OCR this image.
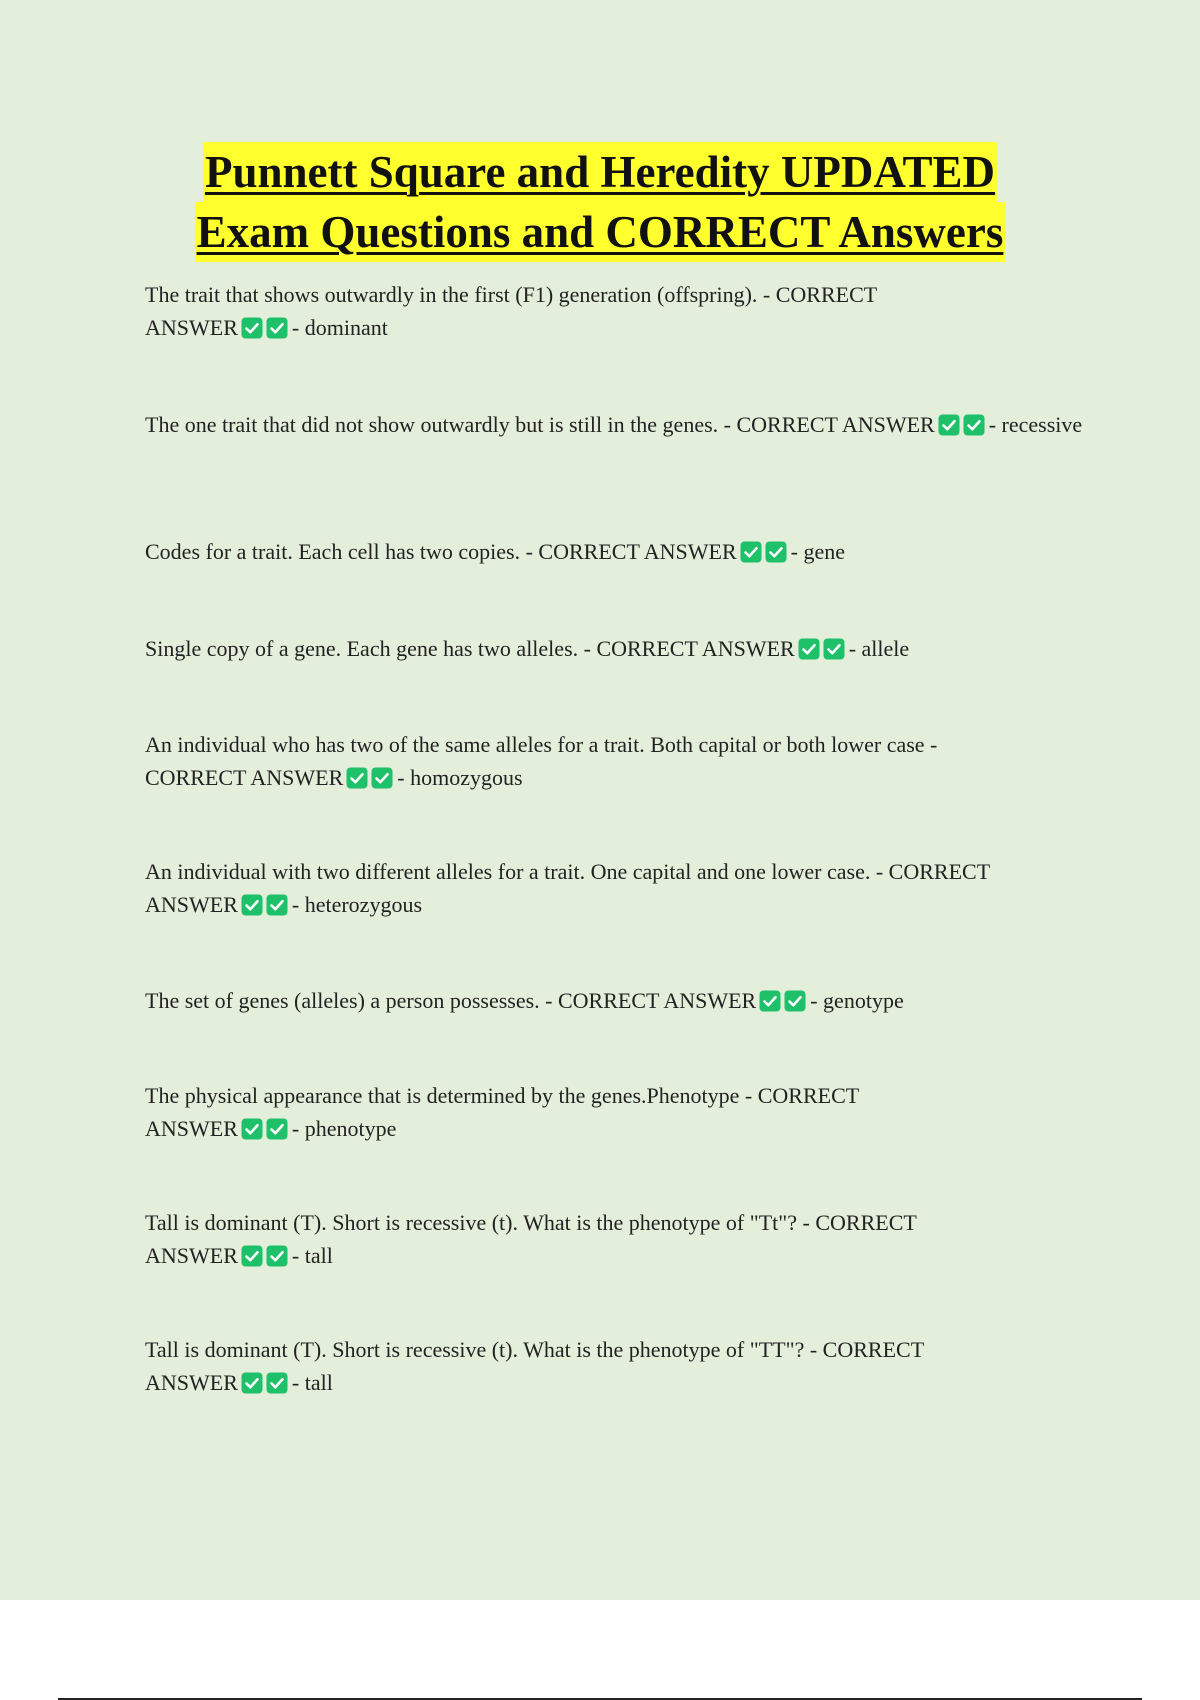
Punnett Square and Heredity UPDATED
Exam Questions and CORRECT Answers
The trait that shows outwardly in the first (F1) generation (offspring). - CORRECT
ANSWER - dominant
The one trait that did not show outwardly but is still in the genes. - CORRECT ANSWER - recessive
Codes for a trait. Each cell has two copies. - CORRECT ANSWER - gene
Single copy of a gene. Each gene has two alleles. - CORRECT ANSWER - allele
An individual who has two of the same alleles for a trait. Both capital or both lower case -
CORRECT ANSWER - homozygous
An individual with two different alleles for a trait. One capital and one lower case. - CORRECT
ANSWER - heterozygous
The set of genes (alleles) a person possesses. - CORRECT ANSWER - genotype
The physical appearance that is determined by the genes.Phenotype - CORRECT
ANSWER - phenotype
Tall is dominant (T). Short is recessive (t). What is the phenotype of "Tt"? - CORRECT
ANSWER - tall
Tall is dominant (T). Short is recessive (t). What is the phenotype of "TT"? - CORRECT
ANSWER - tall
